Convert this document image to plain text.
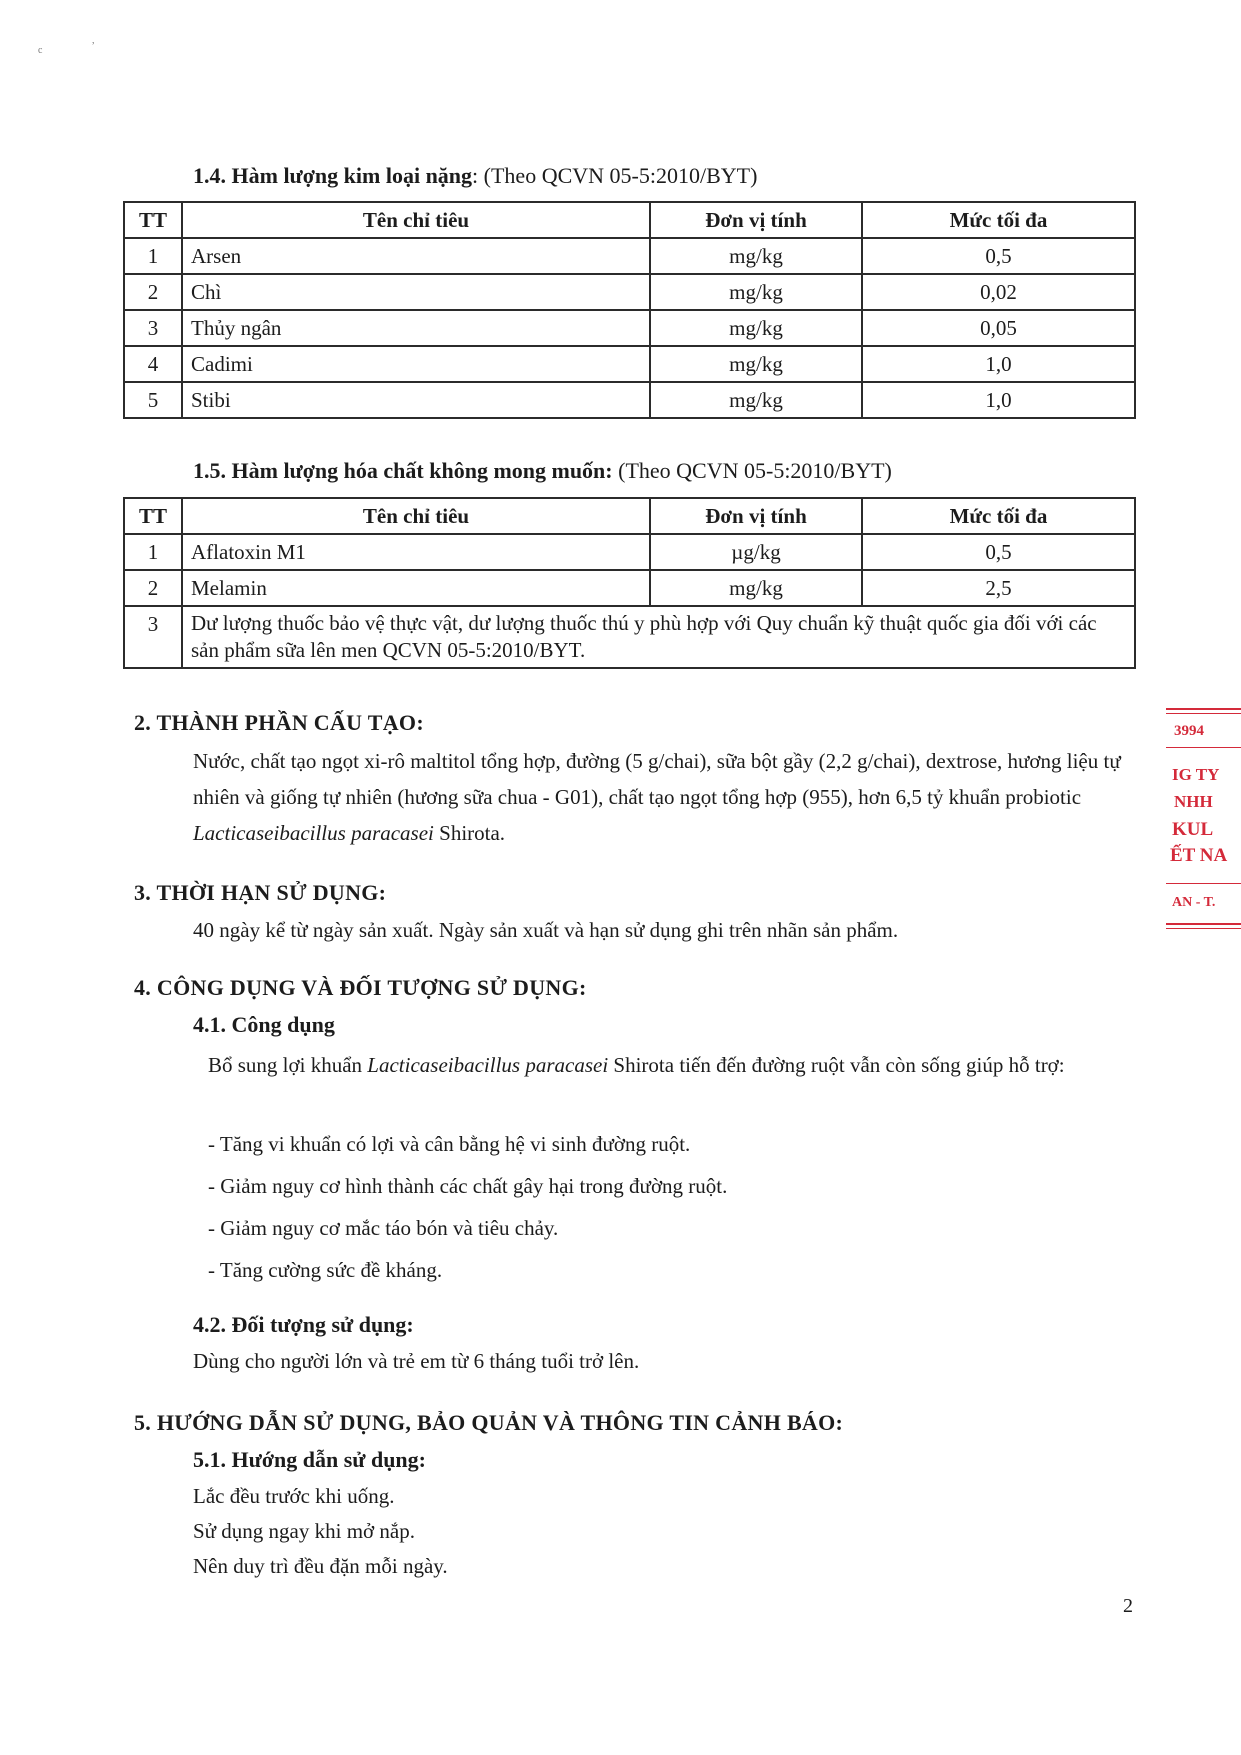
c
,
1.4. Hàm lượng kim loại nặng: (Theo QCVN 05-5:2010/BYT)
TT	Tên chỉ tiêu	Đơn vị tính	Mức tối đa
1	Arsen	mg/kg	0,5
2	Chì	mg/kg	0,02
3	Thủy ngân	mg/kg	0,05
4	Cadimi	mg/kg	1,0
5	Stibi	mg/kg	1,0
1.5. Hàm lượng hóa chất không mong muốn: (Theo QCVN 05-5:2010/BYT)
TT	Tên chỉ tiêu	Đơn vị tính	Mức tối đa
1	Aflatoxin M1	µg/kg	0,5
2	Melamin	mg/kg	2,5
3	Dư lượng thuốc bảo vệ thực vật, dư lượng thuốc thú y phù hợp với Quy chuẩn kỹ thuật quốc gia đối với các sản phẩm sữa lên men QCVN 05-5:2010/BYT.		
2. THÀNH PHẦN CẤU TẠO:
Nước, chất tạo ngọt xi-rô maltitol tổng hợp, đường (5 g/chai), sữa bột gầy (2,2 g/chai), dextrose, hương liệu tự nhiên và giống tự nhiên (hương sữa chua - G01), chất tạo ngọt tổng hợp (955), hơn 6,5 tỷ khuẩn probiotic Lacticaseibacillus paracasei Shirota.
3. THỜI HẠN SỬ DỤNG:
40 ngày kể từ ngày sản xuất. Ngày sản xuất và hạn sử dụng ghi trên nhãn sản phẩm.
4. CÔNG DỤNG VÀ ĐỐI TƯỢNG SỬ DỤNG:
4.1. Công dụng
Bổ sung lợi khuẩn Lacticaseibacillus paracasei Shirota tiến đến đường ruột vẫn còn sống giúp hỗ trợ:
- Tăng vi khuẩn có lợi và cân bằng hệ vi sinh đường ruột.
- Giảm nguy cơ hình thành các chất gây hại trong đường ruột.
- Giảm nguy cơ mắc táo bón và tiêu chảy.
- Tăng cường sức đề kháng.
4.2. Đối tượng sử dụng:
Dùng cho người lớn và trẻ em từ 6 tháng tuổi trở lên.
5. HƯỚNG DẪN SỬ DỤNG, BẢO QUẢN VÀ THÔNG TIN CẢNH BÁO:
5.1. Hướng dẫn sử dụng:
Lắc đều trước khi uống.
Sử dụng ngay khi mở nắp.
Nên duy trì đều đặn mỗi ngày.
3994
IG TY
NHH
KUL
ẾT NA
AN - T.
2
